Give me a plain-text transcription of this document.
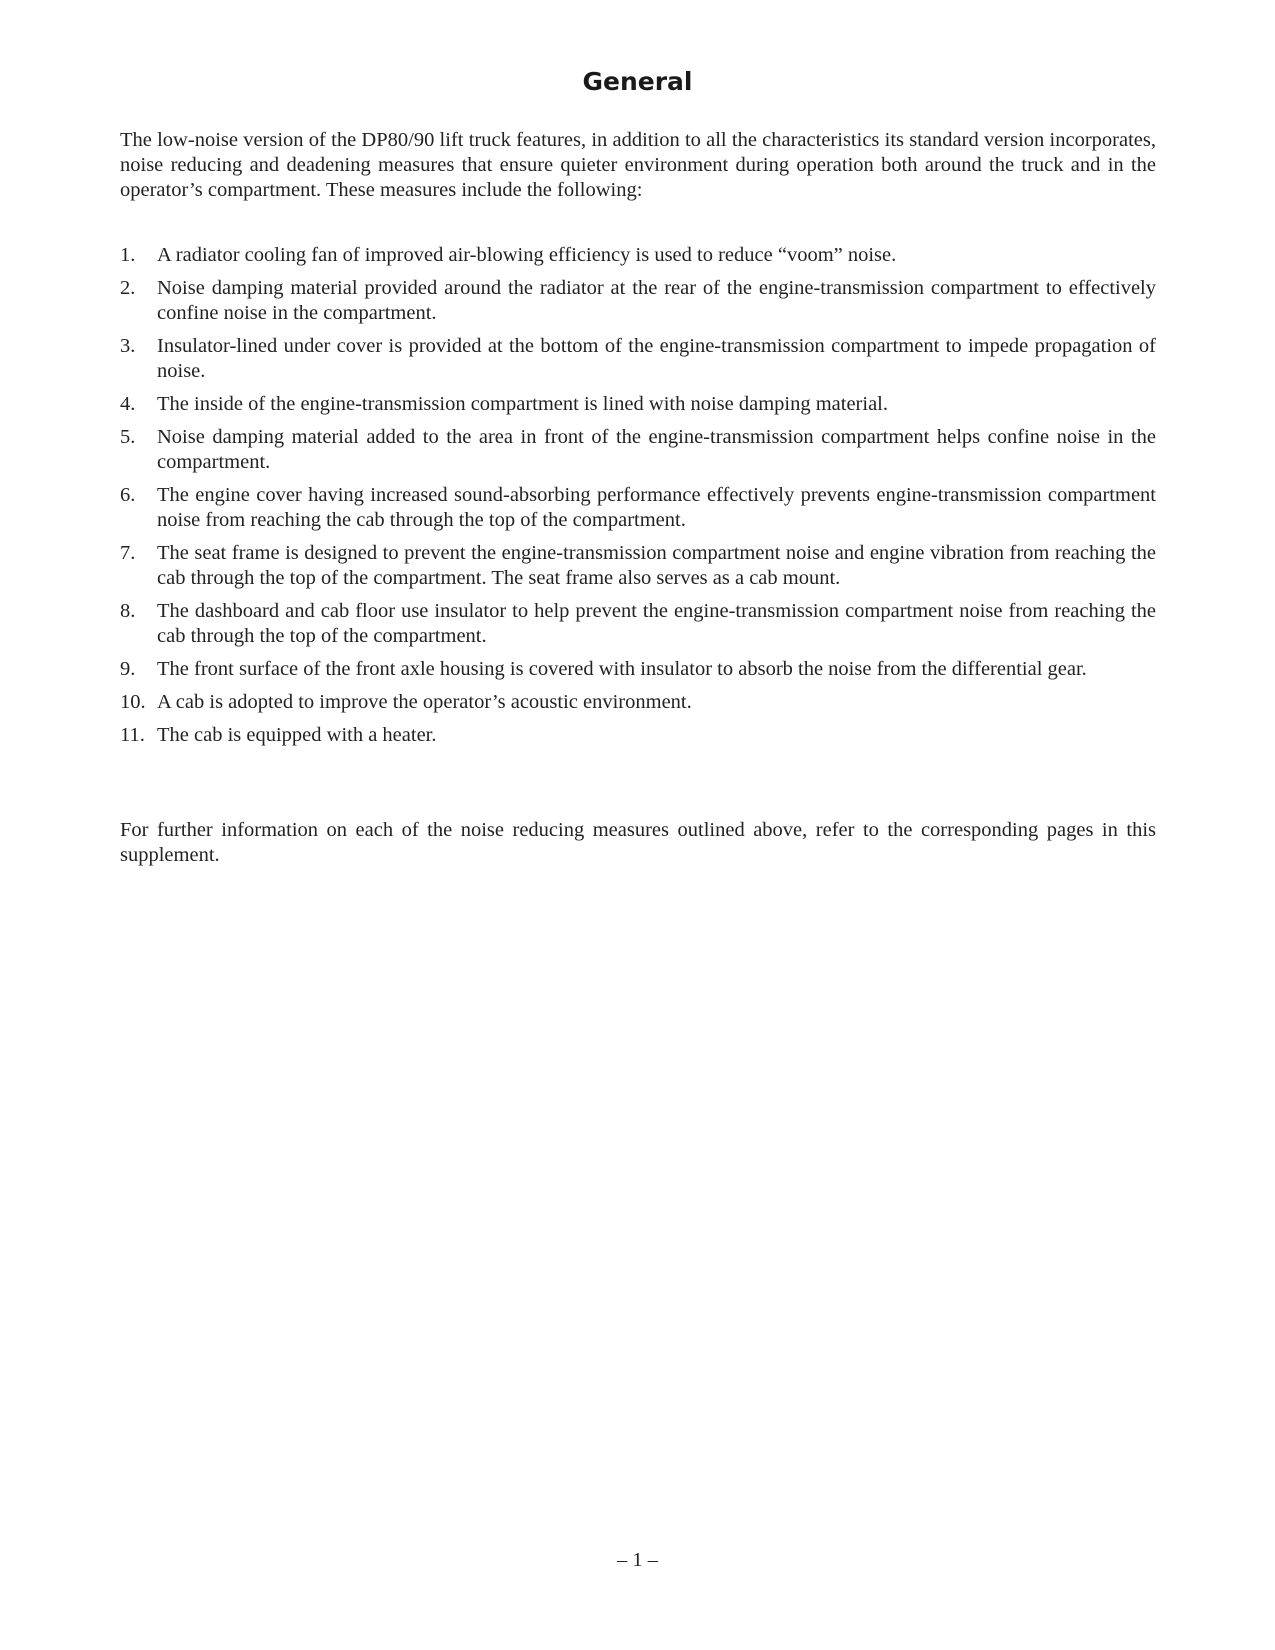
General

The low-noise version of the DP80/90 lift truck features, in addition to all the characteristics its standard version incorporates, noise reducing and deadening measures that ensure quieter environment during operation both around the truck and in the operator’s compartment. These measures include the following:

1.	A radiator cooling fan of improved air-blowing efficiency is used to reduce “voom” noise.
2.	Noise damping material provided around the radiator at the rear of the engine-transmission compartment to effectively confine noise in the compartment.
3.	Insulator-lined under cover is provided at the bottom of the engine-transmission compartment to impede propagation of noise.
4.	The inside of the engine-transmission compartment is lined with noise damping material.
5.	Noise damping material added to the area in front of the engine-transmission compartment helps confine noise in the compartment.
6.	The engine cover having increased sound-absorbing performance effectively prevents engine-transmission compartment noise from reaching the cab through the top of the compartment.
7.	The seat frame is designed to prevent the engine-transmission compartment noise and engine vibration from reaching the cab through the top of the compartment. The seat frame also serves as a cab mount.
8.	The dashboard and cab floor use insulator to help prevent the engine-transmission compartment noise from reaching the cab through the top of the compartment.
9.	The front surface of the front axle housing is covered with insulator to absorb the noise from the differential gear.
10. A cab is adopted to improve the operator’s acoustic environment.
11. The cab is equipped with a heater.

For further information on each of the noise reducing measures outlined above, refer to the corresponding pages in this supplement.

– 1 –
